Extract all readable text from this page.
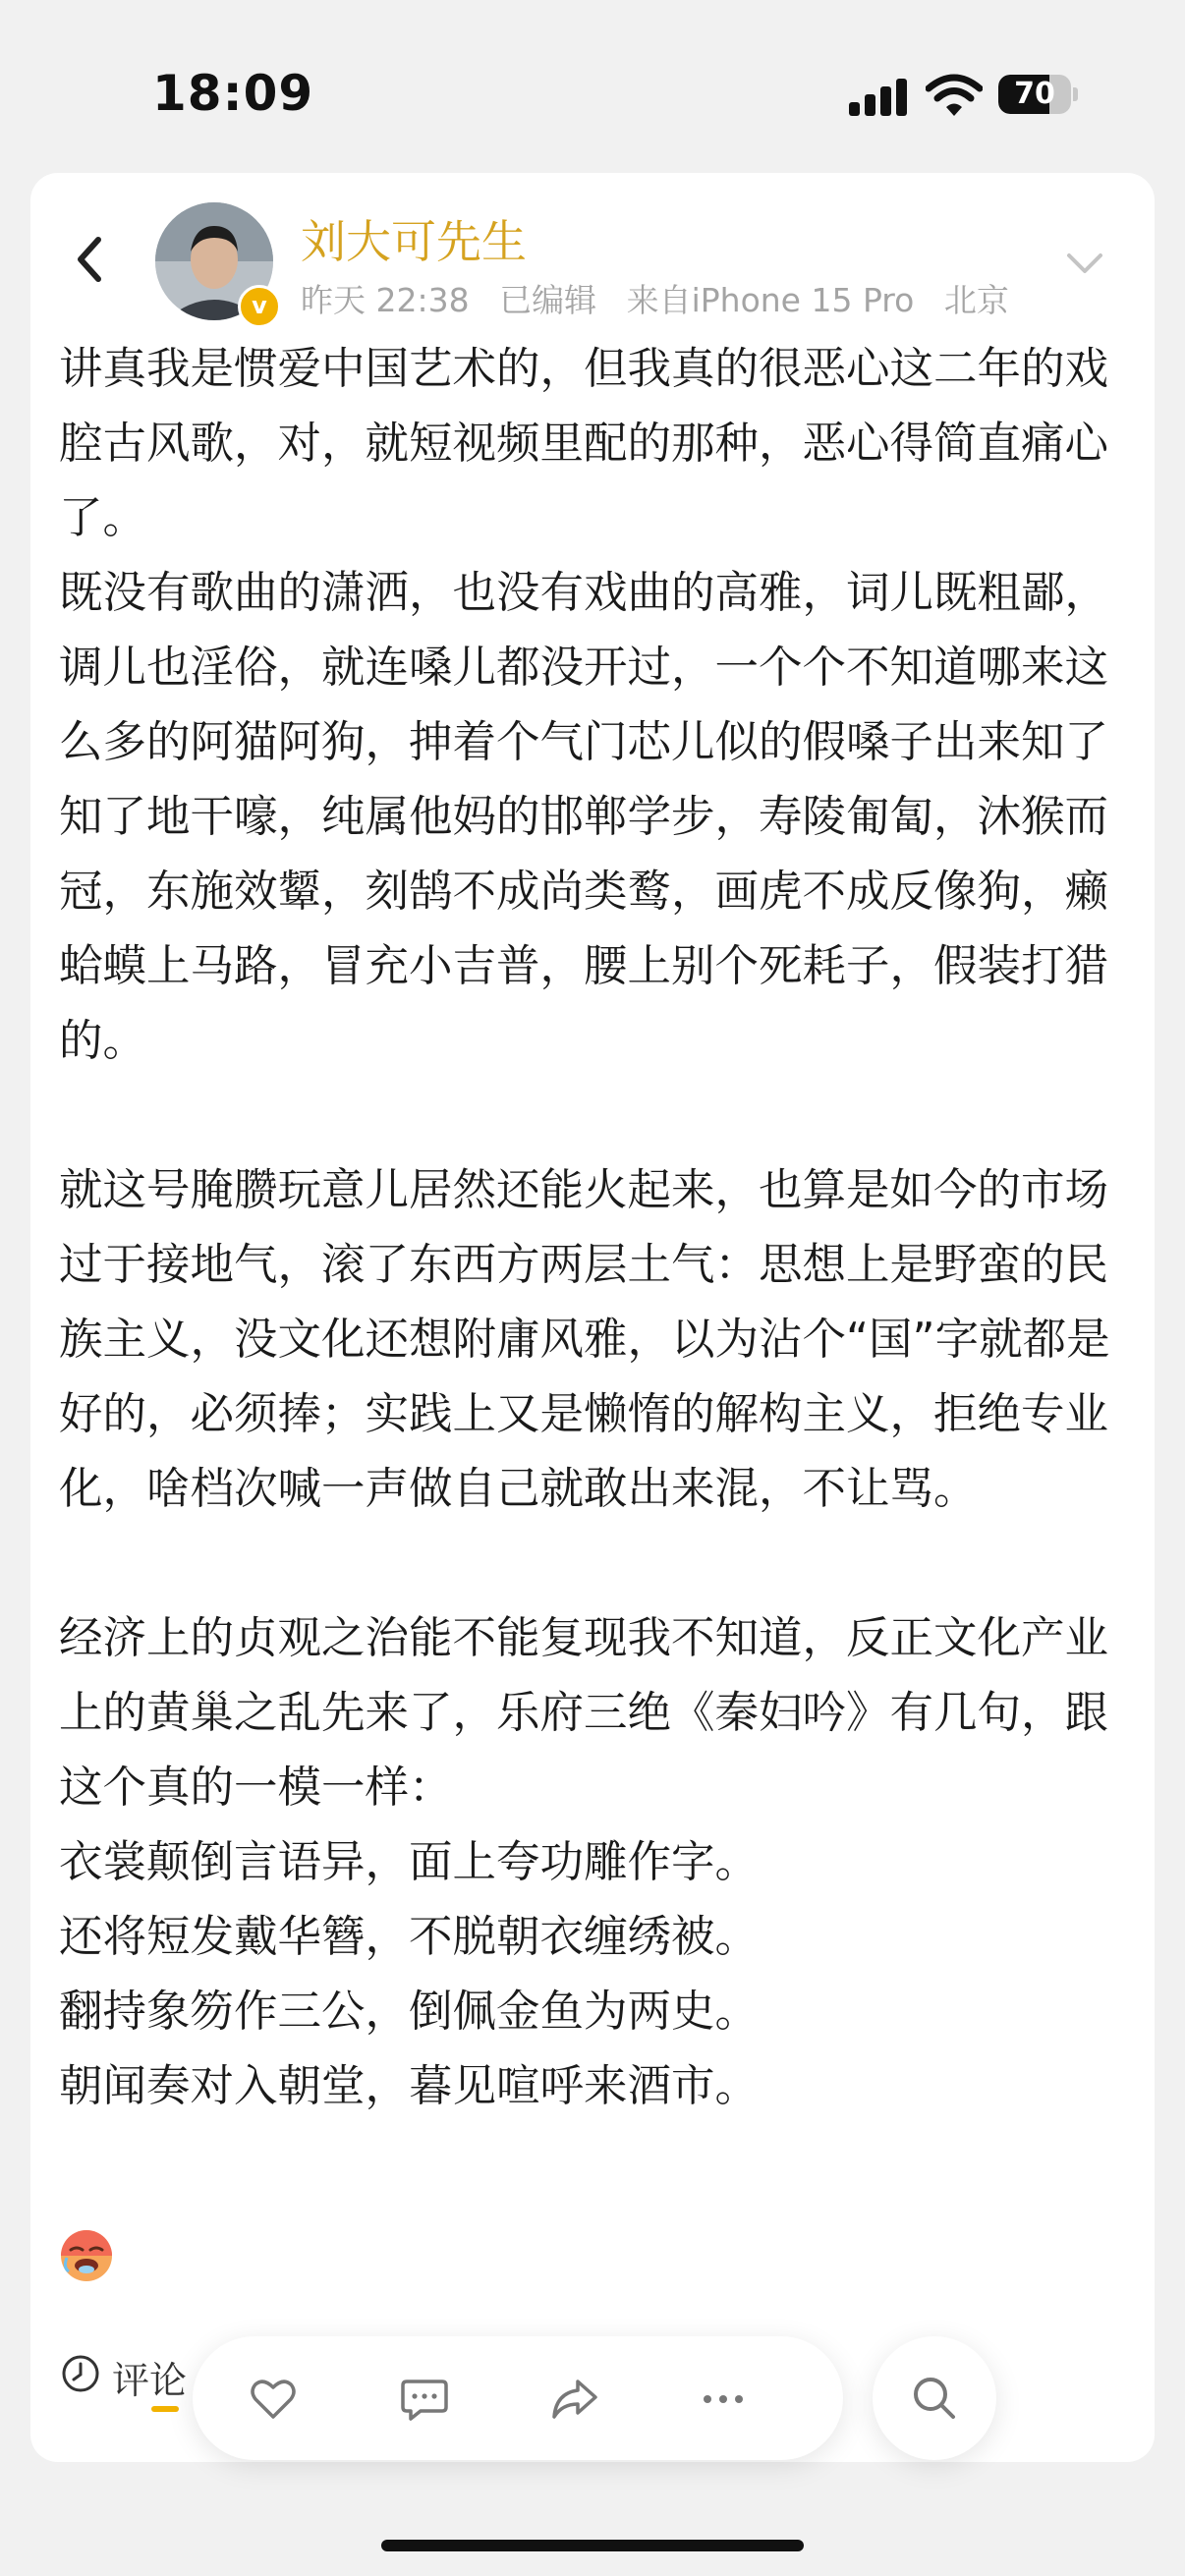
18:09	70
v
刘大可先生
昨天 22:38 已编辑 来自iPhone 15 Pro 北京

讲真我是惯爱中国艺术的，但我真的很恶心这二年的戏腔古风歌，对，就短视频里配的那种，恶心得简直痛心了。

既没有歌曲的潇洒，也没有戏曲的高雅，词儿既粗鄙，调儿也淫俗，就连嗓儿都没开过，一个个不知道哪来这么多的阿猫阿狗，抻着个气门芯儿似的假嗓子出来知了知了地干嚎，纯属他妈的邯郸学步，寿陵匍匐，沐猴而冠，东施效颦，刻鹄不成尚类鹜，画虎不成反像狗，癞蛤蟆上马路，冒充小吉普，腰上别个死耗子，假装打猎的。

就这号腌臜玩意儿居然还能火起来，也算是如今的市场过于接地气，滚了东西方两层土气：思想上是野蛮的民族主义，没文化还想附庸风雅，以为沾个“国”字就都是好的，必须捧；实践上又是懒惰的解构主义，拒绝专业化，啥档次喊一声做自己就敢出来混，不让骂。

经济上的贞观之治能不能复现我不知道，反正文化产业上的黄巢之乱先来了，乐府三绝《秦妇吟》有几句，跟这个真的一模一样：

衣裳颠倒言语异，面上夸功雕作字。

还将短发戴华簪，不脱朝衣缠绣被。

翻持象笏作三公，倒佩金鱼为两史。

朝闻奏对入朝堂，暮见喧呼来酒市。

评论
